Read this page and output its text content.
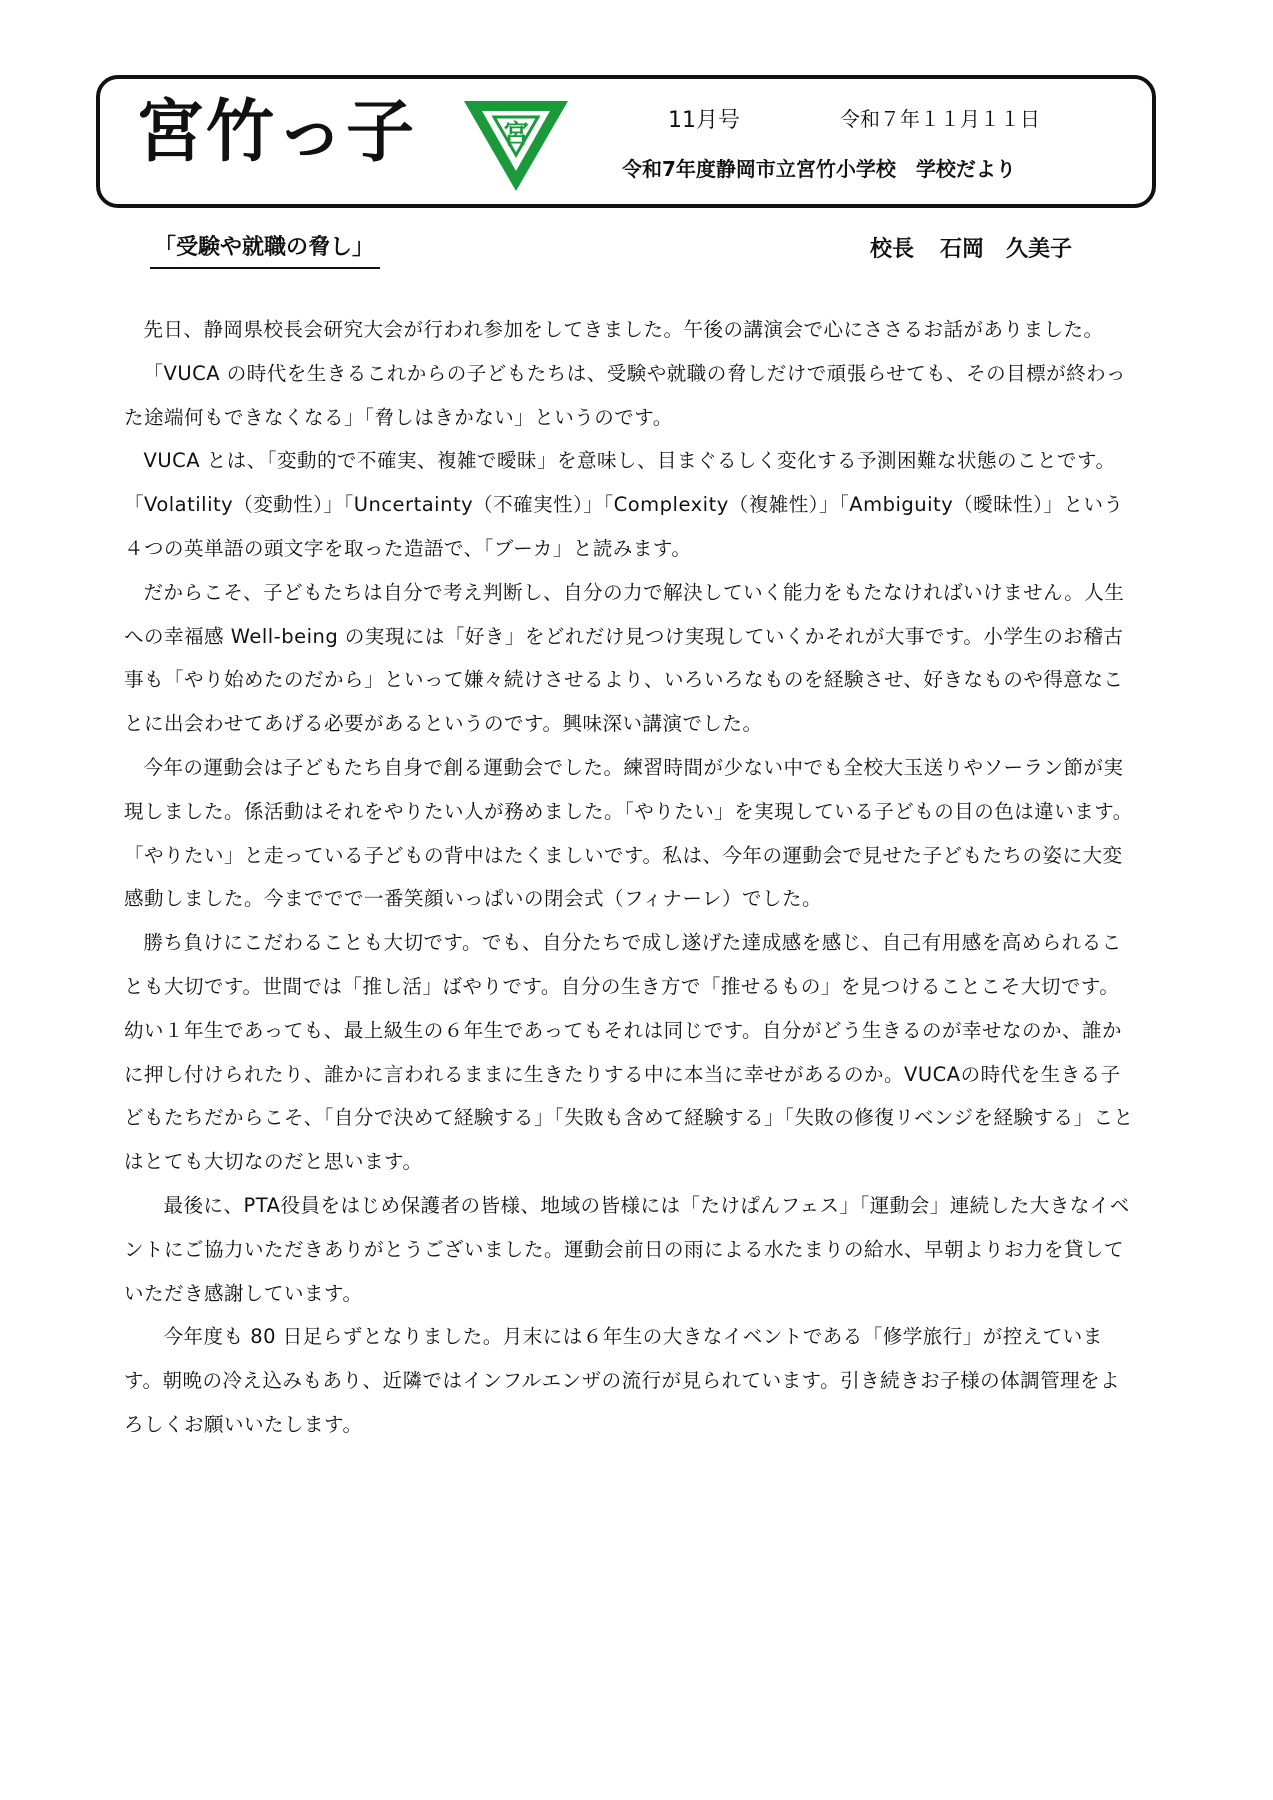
宮竹っ子	宮	11月号	令和７年１１月１１日
令和7年度静岡市立宮竹小学校　学校だより
「受験や就職の脅し」	校長 石岡　久美子

先日、静岡県校長会研究大会が行われ参加をしてきました。午後の講演会で心にささるお話がありました。

「VUCA の時代を生きるこれからの子どもたちは、受験や就職の脅しだけで頑張らせても、その目標が終わった途端何もできなくなる」「脅しはきかない」というのです。

VUCA とは、「変動的で不確実、複雑で曖昧」を意味し、目まぐるしく変化する予測困難な状態のことです。「Volatility（変動性）」「Uncertainty（不確実性）」「Complexity（複雑性）」「Ambiguity（曖昧性）」という４つの英単語の頭文字を取った造語で、「ブーカ」と読みます。

だからこそ、子どもたちは自分で考え判断し、自分の力で解決していく能力をもたなければいけません。人生への幸福感 Well-being の実現には「好き」をどれだけ見つけ実現していくかそれが大事です。小学生のお稽古事も「やり始めたのだから」といって嫌々続けさせるより、いろいろなものを経験させ、好きなものや得意なことに出会わせてあげる必要があるというのです。興味深い講演でした。

今年の運動会は子どもたち自身で創る運動会でした。練習時間が少ない中でも全校大玉送りやソーラン節が実現しました。係活動はそれをやりたい人が務めました。「やりたい」を実現している子どもの目の色は違います。「やりたい」と走っている子どもの背中はたくましいです。私は、今年の運動会で見せた子どもたちの姿に大変感動しました。今まででで一番笑顔いっぱいの閉会式（フィナーレ）でした。

勝ち負けにこだわることも大切です。でも、自分たちで成し遂げた達成感を感じ、自己有用感を高められることも大切です。世間では「推し活」ばやりです。自分の生き方で「推せるもの」を見つけることこそ大切です。幼い１年生であっても、最上級生の６年生であってもそれは同じです。自分がどう生きるのが幸せなのか、誰かに押し付けられたり、誰かに言われるままに生きたりする中に本当に幸せがあるのか。VUCAの時代を生きる子どもたちだからこそ、「自分で決めて経験する」「失敗も含めて経験する」「失敗の修復リベンジを経験する」ことはとても大切なのだと思います。

　最後に、PTA役員をはじめ保護者の皆様、地域の皆様には「たけぱんフェス」「運動会」連続した大きなイベントにご協力いただきありがとうございました。運動会前日の雨による水たまりの給水、早朝よりお力を貸していただき感謝しています。

　今年度も 80 日足らずとなりました。月末には６年生の大きなイベントである「修学旅行」が控えています。朝晩の冷え込みもあり、近隣ではインフルエンザの流行が見られています。引き続きお子様の体調管理をよろしくお願いいたします。
